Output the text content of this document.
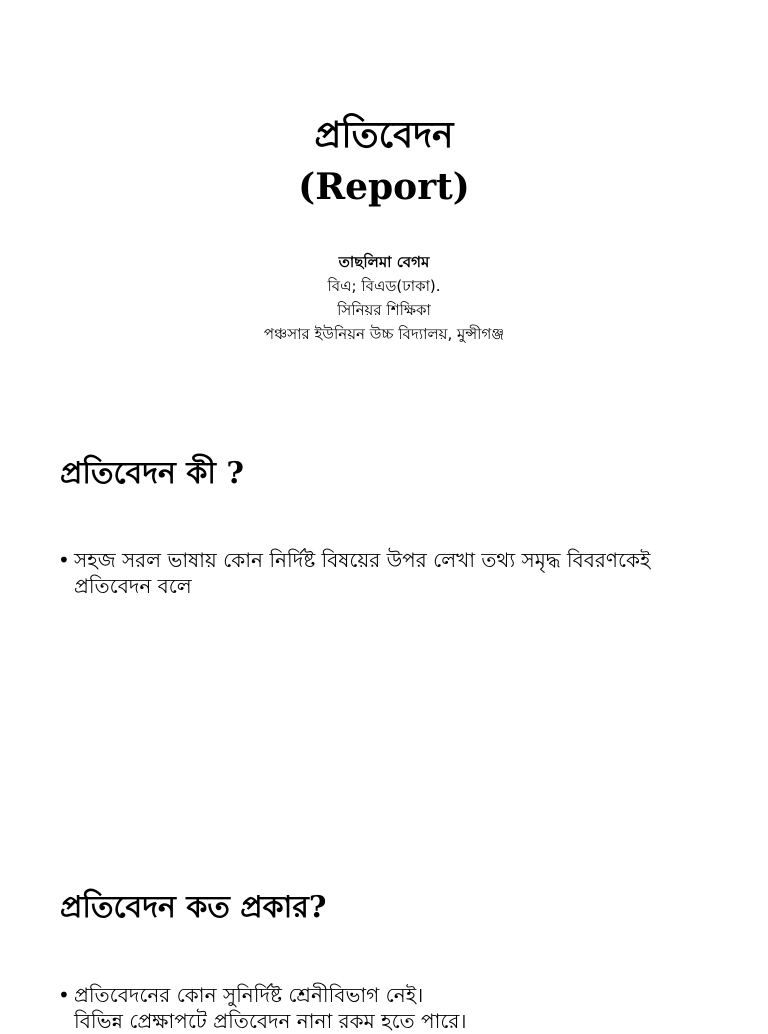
প্রতিবেদন
(Report)
তাছলিমা বেগম
বিএ; বিএড(ঢাকা).
সিনিয়র শিক্ষিকা
পঞ্চসার ইউনিয়ন উচ্চ বিদ্যালয়, মুন্সীগঞ্জ
প্রতিবেদন কী ?
• সহজ সরল ভাষায় কোন নির্দিষ্ট বিষয়ের উপর লেখা তথ্য সমৃদ্ধ বিবরণকেই
প্রতিবেদন বলে
প্রতিবেদন কত প্রকার?
• প্রতিবেদনের কোন সুনির্দিষ্ট শ্রেনীবিভাগ নেই।
বিভিন্ন প্রেক্ষাপটে প্রতিবেদন নানা রকম হতে পারে।
